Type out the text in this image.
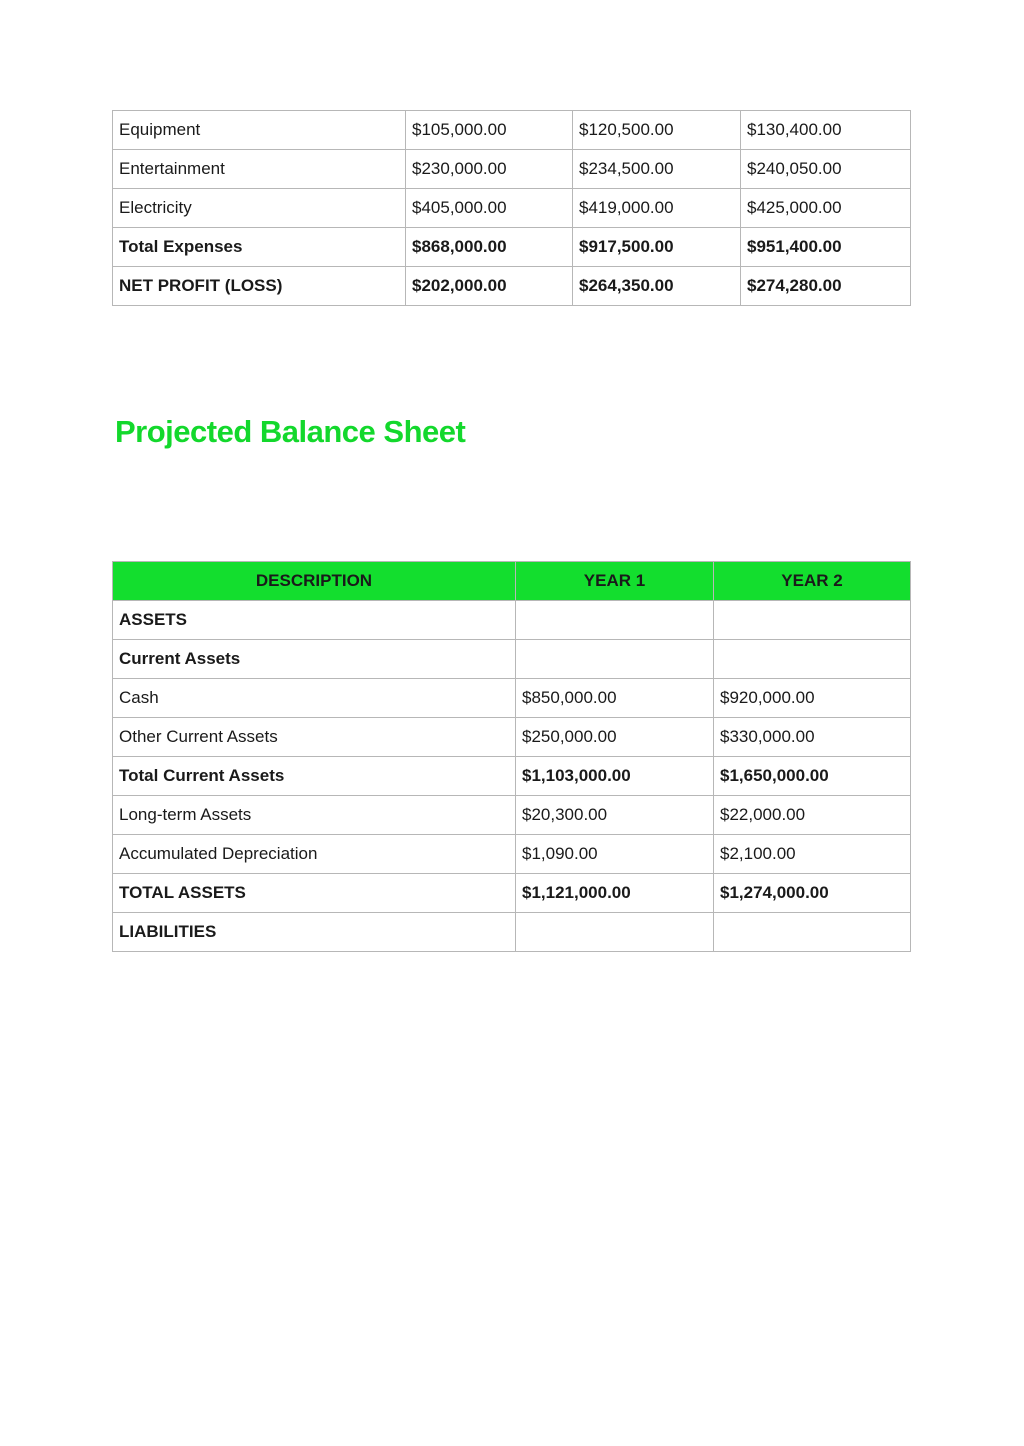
Equipment	$105,000.00	$120,500.00	$130,400.00
Entertainment	$230,000.00	$234,500.00	$240,050.00
Electricity	$405,000.00	$419,000.00	$425,000.00
Total Expenses	$868,000.00	$917,500.00	$951,400.00
NET PROFIT (LOSS)	$202,000.00	$264,350.00	$274,280.00
Projected Balance Sheet
DESCRIPTION	YEAR 1	YEAR 2
ASSETS		
Current Assets		
Cash	$850,000.00	$920,000.00
Other Current Assets	$250,000.00	$330,000.00
Total Current Assets	$1,103,000.00	$1,650,000.00
Long-term Assets	$20,300.00	$22,000.00
Accumulated Depreciation	$1,090.00	$2,100.00
TOTAL ASSETS	$1,121,000.00	$1,274,000.00
LIABILITIES		
